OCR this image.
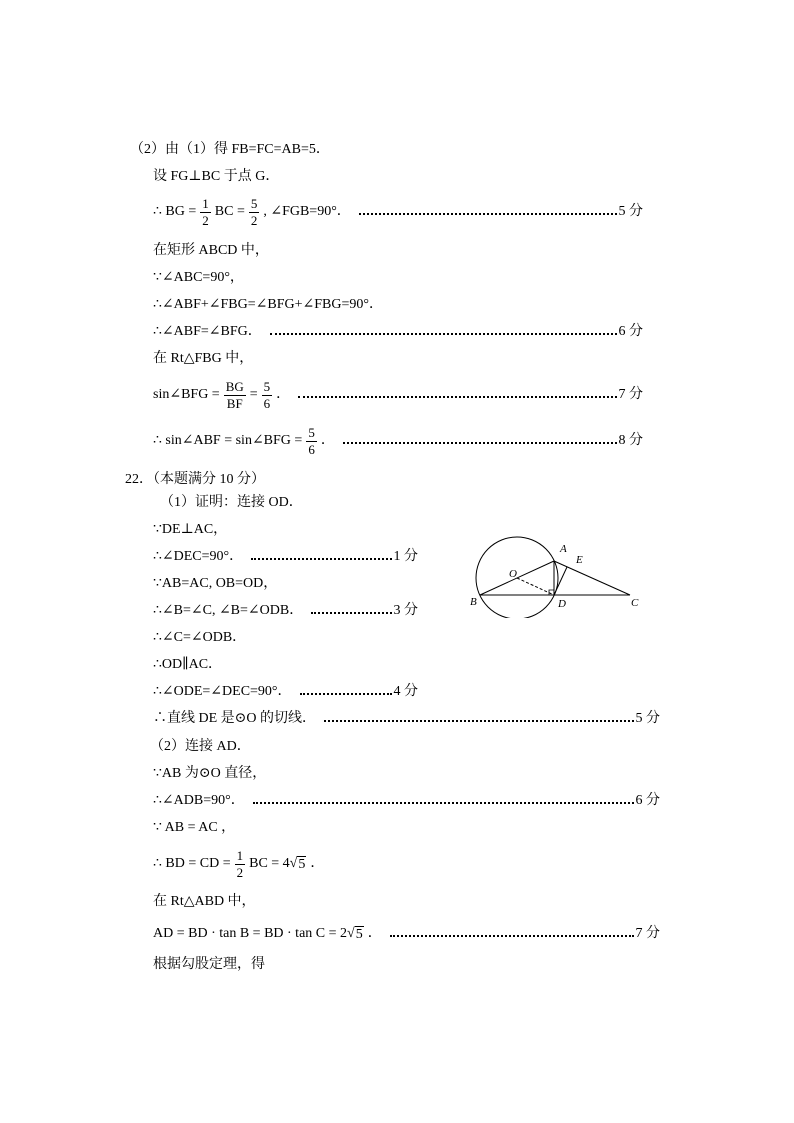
（2）由（1）得 FB=FC=AB=5．
设 FG⊥BC 于点 G．
∴ BG = $\frac{1}{2}$ BC = $\frac{5}{2}$ , ∠FGB=90°．	5 分
在矩形 ABCD 中，
∵∠ABC=90°，
∴∠ABF+∠FBG=∠BFG+∠FBG=90°．
∴∠ABF=∠BFG．	6 分
在 Rt△FBG 中，
sin∠BFG = $\frac{BG}{BF} = \frac{5}{6}$ ．	7 分
∴ sin∠ABF = sin∠BFG = $\frac{5}{6}$ ．	8 分
22．（本题满分 10 分）
（1）证明：连接 OD．
∵DE⊥AC，
∴∠DEC=90°．	1 分
∵AB=AC, OB=OD，
∴∠B=∠C, ∠B=∠ODB．	3 分
∴∠C=∠ODB．
∴OD∥AC．
∴∠ODE=∠DEC=90°．	4 分
∴直线 DE 是⊙O 的切线．	5 分
A
E
O
B	D	C
（2）连接 AD．
∵AB 为⊙O 直径，
∴∠ADB=90°．	6 分
∵ AB = AC ，
∴ BD = CD = $\frac{1}{2}$ BC = 4√ 5 ．
在 Rt△ABD 中，
AD = BD · tan B = BD · tan C = 2√ 5 ．	7 分
根据勾股定理，得
